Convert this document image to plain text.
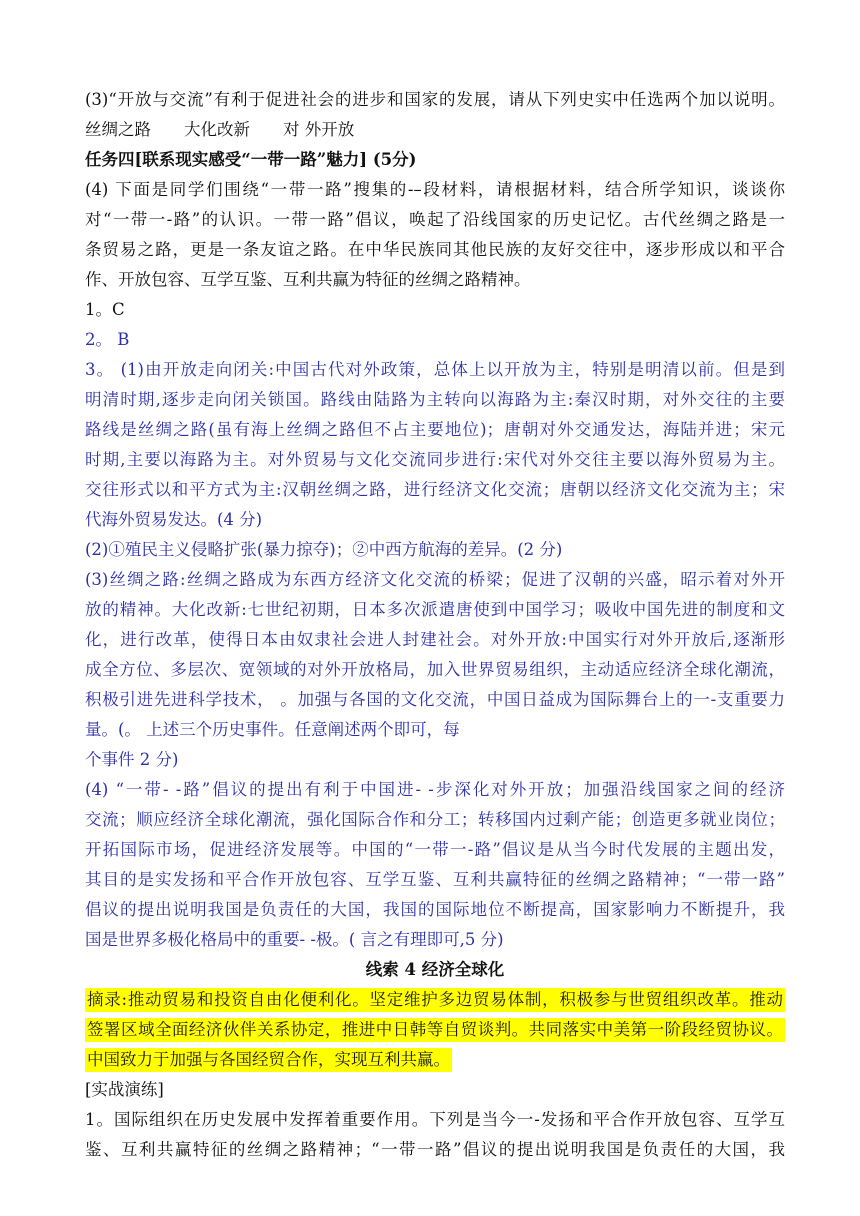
(3)“开放与交流”有利于促进社会的进步和国家的发展，请从下列史实中任选两个加以说明。
丝绸之路　　大化改新　　对 外开放
任务四[联系现实感受“一带一路”魅力] (5分)
(4) 下面是同学们围绕“一带一路”搜集的-–段材料，请根据材料，结合所学知识，谈谈你
对“一带一-路”的认识。一带一路”倡议，唤起了沿线国家的历史记忆。古代丝绸之路是一
条贸易之路，更是一条友谊之路。在中华民族同其他民族的友好交往中，逐步形成以和平合
作、开放包容、互学互鉴、互利共赢为特征的丝绸之路精神。
1。C
2。 B
3。 (1)由开放走向闭关:中国古代对外政策，总体上以开放为主，特别是明清以前。但是到
明清时期,逐步走向闭关锁国。路线由陆路为主转向以海路为主:秦汉时期，对外交往的主要
路线是丝绸之路(虽有海上丝绸之路但不占主要地位)；唐朝对外交通发达，海陆并进；宋元
时期,主要以海路为主。对外贸易与文化交流同步进行:宋代对外交往主要以海外贸易为主。
交往形式以和平方式为主:汉朝丝绸之路，进行经济文化交流；唐朝以经济文化交流为主；宋
代海外贸易发达。(4 分)
(2)①殖民主义侵略扩张(暴力掠夺)；②中西方航海的差异。(2 分)
(3)丝绸之路:丝绸之路成为东西方经济文化交流的桥梁；促进了汉朝的兴盛，昭示着对外开
放的精神。大化改新:七世纪初期，日本多次派遣唐使到中国学习；吸收中国先进的制度和文
化，进行改革，使得日本由奴隶社会进人封建社会。对外开放:中国实行对外开放后,逐渐形
成全方位、多层次、宽领域的对外开放格局，加入世界贸易组织，主动适应经济全球化潮流，
积极引进先进科学技术， 。加强与各国的文化交流，中国日益成为国际舞台上的一-支重要力
量。(。 上述三个历史事件。任意阐述两个即可，每
个事件 2 分)
(4) “一带- -路”倡议的提出有利于中国进- -步深化对外开放；加强沿线国家之间的经济
交流；顺应经济全球化潮流，强化国际合作和分工；转移国内过剩产能；创造更多就业岗位；
开拓国际市场，促进经济发展等。中国的“一带一-路”倡议是从当今时代发展的主题出发，
其目的是实发扬和平合作开放包容、互学互鉴、互利共赢特征的丝绸之路精神；“一带一路”
倡议的提出说明我国是负责任的大国，我国的国际地位不断提高，国家影响力不断提升，我
国是世界多极化格局中的重要- -极。( 言之有理即可,5 分)
线索 4 经济全球化
摘录:推动贸易和投资自由化便利化。坚定维护多边贸易体制，积极参与世贸组织改革。推动
签署区域全面经济伙伴关系协定，推进中日韩等自贸谈判。共同落实中美第一阶段经贸协议。
中国致力于加强与各国经贸合作，实现互利共赢。
[实战演练]
1。国际组织在历史发展中发挥着重要作用。下列是当今一-发扬和平合作开放包容、互学互
鉴、互利共赢特征的丝绸之路精神；“一带一路”倡议的提出说明我国是负责任的大国，我
